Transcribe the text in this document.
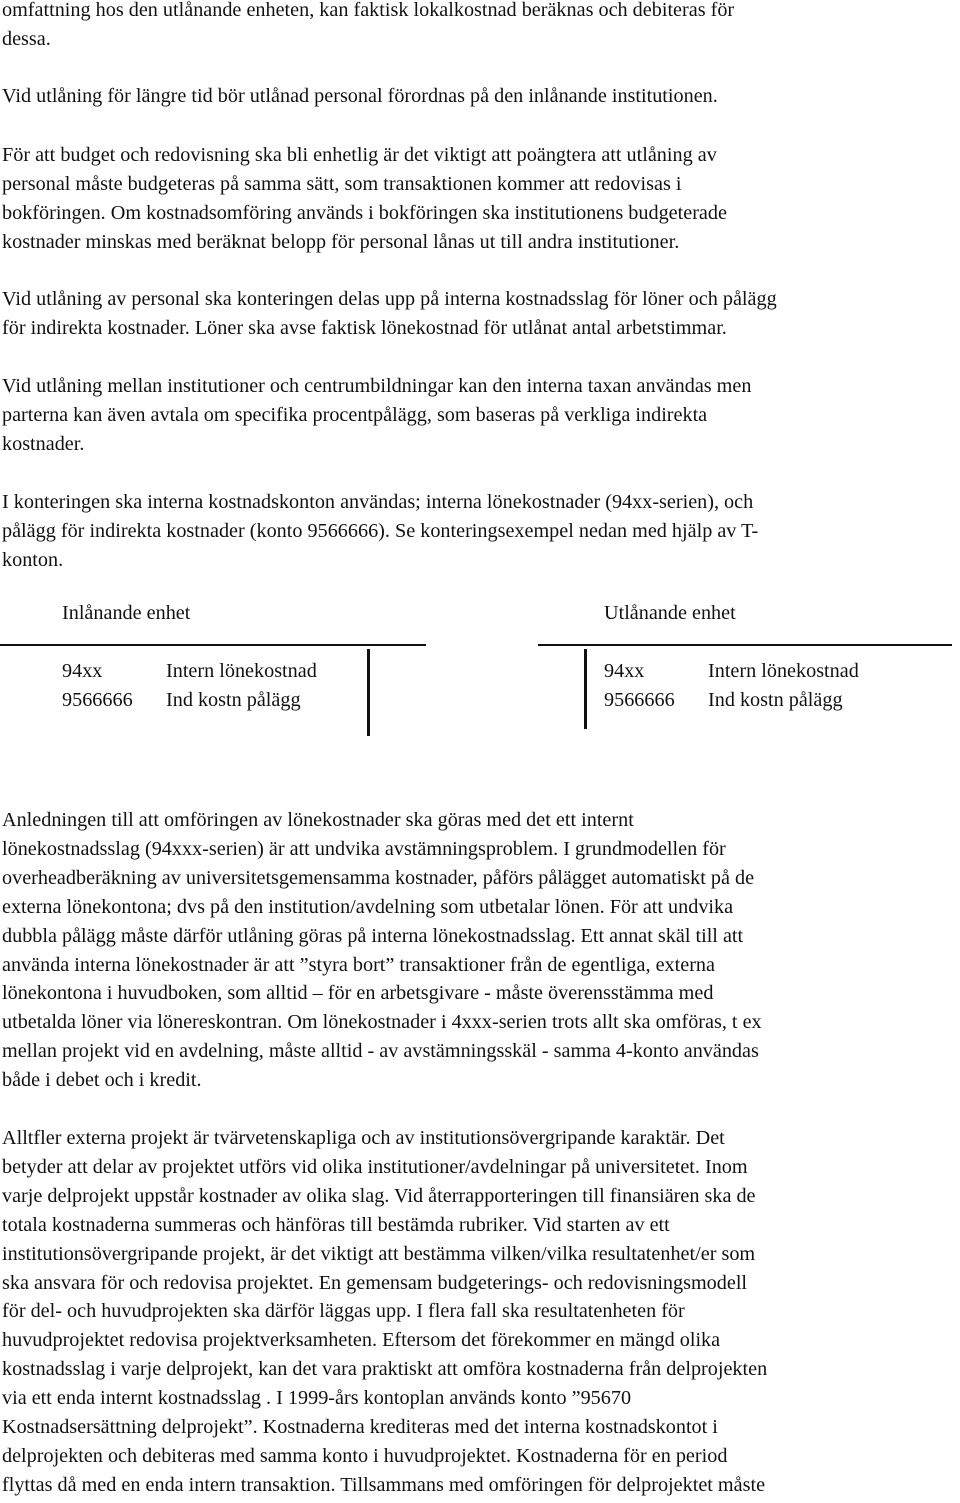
omfattning hos den utlånande enheten, kan faktisk lokalkostnad beräknas och debiteras för
dessa.
Vid utlåning för längre tid bör utlånad personal förordnas på den inlånande institutionen.
För att budget och redovisning ska bli enhetlig är det viktigt att poängtera att utlåning av
personal måste budgeteras på samma sätt, som transaktionen kommer att redovisas i
bokföringen. Om kostnadsomföring används i bokföringen ska institutionens budgeterade
kostnader minskas med beräknat belopp för personal lånas ut till andra institutioner.
Vid utlåning av personal ska konteringen delas upp på interna kostnadsslag för löner och pålägg
för indirekta kostnader. Löner ska avse faktisk lönekostnad för utlånat antal arbetstimmar.
Vid utlåning mellan institutioner och centrumbildningar kan den interna taxan användas men
parterna kan även avtala om specifika procentpålägg, som baseras på verkliga indirekta
kostnader.
I konteringen ska interna kostnadskonton användas; interna lönekostnader (94xx-serien), och
pålägg för indirekta kostnader (konto 9566666). Se konteringsexempel nedan med hjälp av T-
konton.
Inlånande enhet
94xx	Intern lönekostnad
9566666 Ind kostn pålägg
Utlånande enhet
94xx	Intern lönekostnad
9566666 Ind kostn pålägg
Anledningen till att omföringen av lönekostnader ska göras med det ett internt
lönekostnadsslag (94xxx-serien) är att undvika avstämningsproblem. I grundmodellen för
overheadberäkning av universitetsgemensamma kostnader, påförs pålägget automatiskt på de
externa lönekontona; dvs på den institution/avdelning som utbetalar lönen. För att undvika
dubbla pålägg måste därför utlåning göras på interna lönekostnadsslag. Ett annat skäl till att
använda interna lönekostnader är att ”styra bort” transaktioner från de egentliga, externa
lönekontona i huvudboken, som alltid – för en arbetsgivare - måste överensstämma med
utbetalda löner via lönereskontran. Om lönekostnader i 4xxx-serien trots allt ska omföras, t ex
mellan projekt vid en avdelning, måste alltid - av avstämningsskäl - samma 4-konto användas
både i debet och i kredit.
Alltfler externa projekt är tvärvetenskapliga och av institutionsövergripande karaktär. Det
betyder att delar av projektet utförs vid olika institutioner/avdelningar på universitetet. Inom
varje delprojekt uppstår kostnader av olika slag. Vid återrapporteringen till finansiären ska de
totala kostnaderna summeras och hänföras till bestämda rubriker. Vid starten av ett
institutionsövergripande projekt, är det viktigt att bestämma vilken/vilka resultatenhet/er som
ska ansvara för och redovisa projektet. En gemensam budgeterings- och redovisningsmodell
för del- och huvudprojekten ska därför läggas upp. I flera fall ska resultatenheten för
huvudprojektet redovisa projektverksamheten. Eftersom det förekommer en mängd olika
kostnadsslag i varje delprojekt, kan det vara praktiskt att omföra kostnaderna från delprojekten
via ett enda internt kostnadsslag . I 1999-års kontoplan används konto ”95670
Kostnadsersättning delprojekt”. Kostnaderna krediteras med det interna kostnadskontot i
delprojekten och debiteras med samma konto i huvudprojektet. Kostnaderna för en period
flyttas då med en enda intern transaktion. Tillsammans med omföringen för delprojektet måste
